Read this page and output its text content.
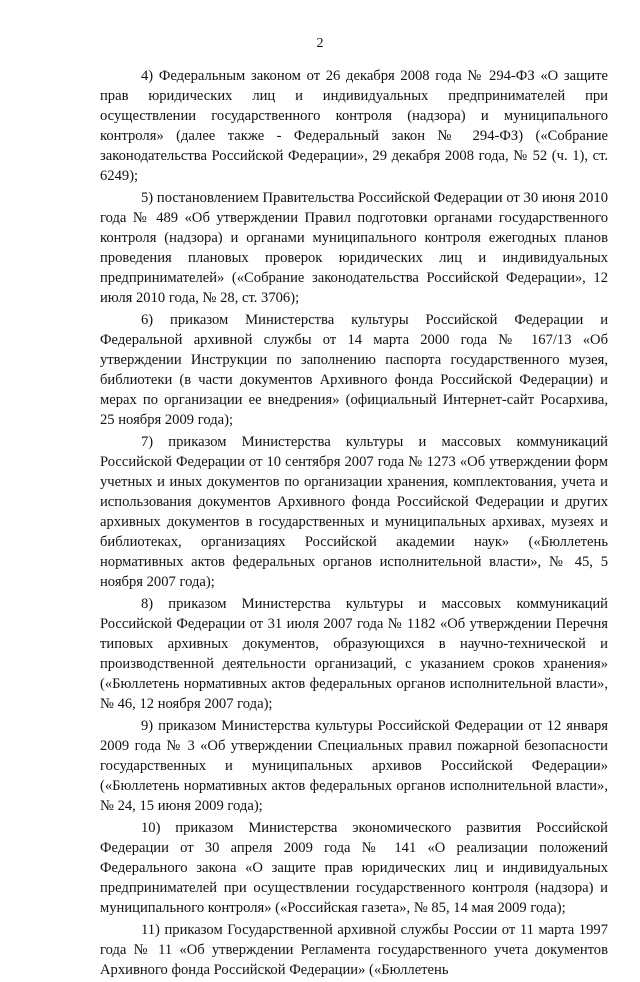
2

4) Федеральным законом от 26 декабря 2008 года № 294-ФЗ «О защите прав юридических лиц и индивидуальных предпринимателей при осуществлении государственного контроля (надзора) и муниципального контроля» (далее также - Федеральный закон № 294-ФЗ) («Собрание законодательства Российской Федерации», 29 декабря 2008 года, № 52 (ч. 1), ст. 6249);

5) постановлением Правительства Российской Федерации от 30 июня 2010 года № 489 «Об утверждении Правил подготовки органами государственного контроля (надзора) и органами муниципального контроля ежегодных планов проведения плановых проверок юридических лиц и индивидуальных предпринимателей» («Собрание законодательства Российской Федерации», 12 июля 2010 года, № 28, ст. 3706);

6) приказом Министерства культуры Российской Федерации и Федеральной архивной службы от 14 марта 2000 года № 167/13 «Об утверждении Инструкции по заполнению паспорта государственного музея, библиотеки (в части документов Архивного фонда Российской Федерации) и мерах по организации ее внедрения» (официальный Интернет-сайт Росархива, 25 ноября 2009 года);

7) приказом Министерства культуры и массовых коммуникаций Российской Федерации от 10 сентября 2007 года № 1273 «Об утверждении форм учетных и иных документов по организации хранения, комплектования, учета и использования документов Архивного фонда Российской Федерации и других архивных документов в государственных и муниципальных архивах, музеях и библиотеках, организациях Российской академии наук» («Бюллетень нормативных актов федеральных органов исполнительной власти», № 45, 5 ноября 2007 года);

8) приказом Министерства культуры и массовых коммуникаций Российской Федерации от 31 июля 2007 года № 1182 «Об утверждении Перечня типовых архивных документов, образующихся в научно-технической и производственной деятельности организаций, с указанием сроков хранения» («Бюллетень нормативных актов федеральных органов исполнительной власти», № 46, 12 ноября 2007 года);

9) приказом Министерства культуры Российской Федерации от 12 января 2009 года № 3 «Об утверждении Специальных правил пожарной безопасности государственных и муниципальных архивов Российской Федерации» («Бюллетень нормативных актов федеральных органов исполнительной власти», № 24, 15 июня 2009 года);

10) приказом Министерства экономического развития Российской Федерации от 30 апреля 2009 года № 141 «О реализации положений Федерального закона «О защите прав юридических лиц и индивидуальных предпринимателей при осуществлении государственного контроля (надзора) и муниципального контроля» («Российская газета», № 85, 14 мая 2009 года);

11) приказом Государственной архивной службы России от 11 марта 1997 года № 11 «Об утверждении Регламента государственного учета документов Архивного фонда Российской Федерации» («Бюллетень
